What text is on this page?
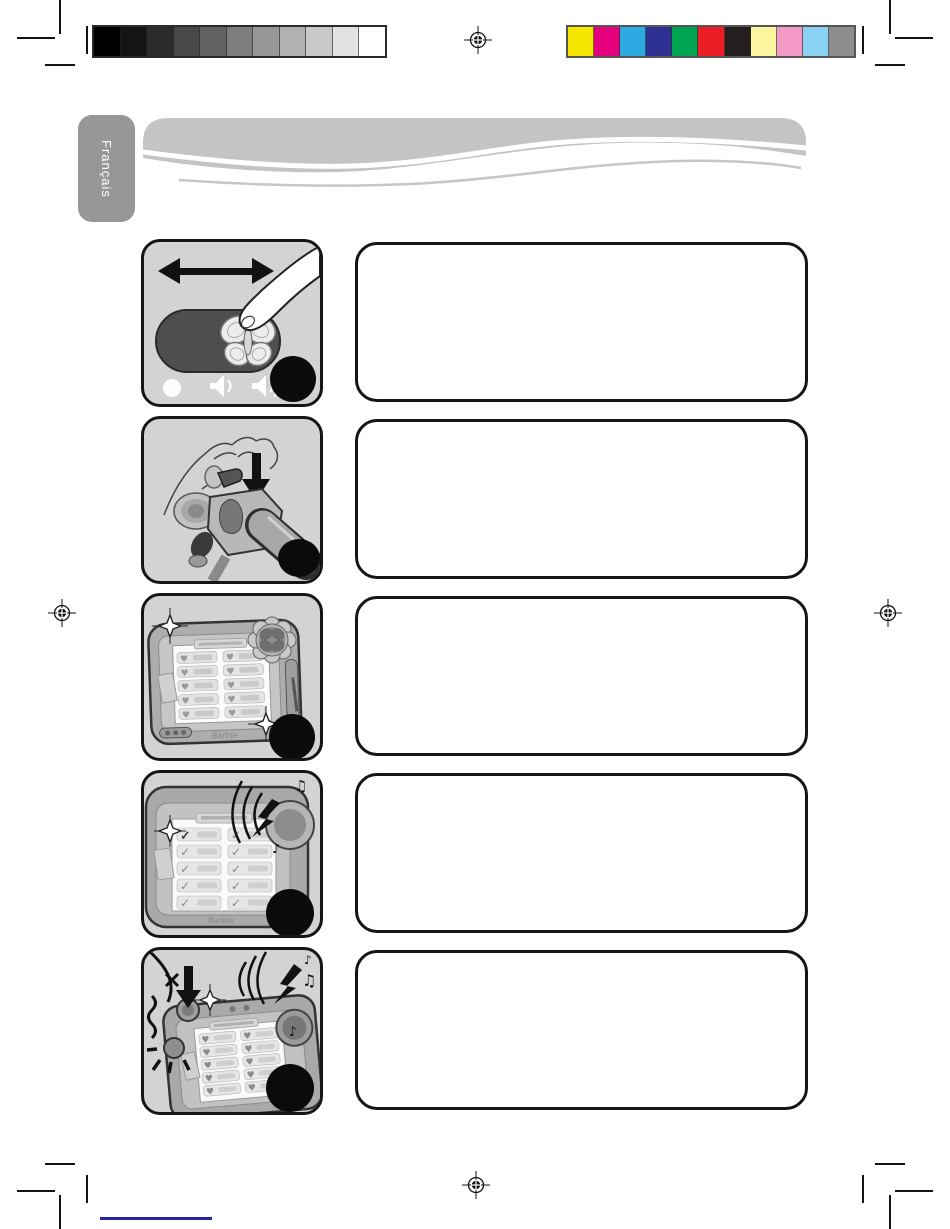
Français
♥
Barbie
✓
✓
Barbie
♫
♪
♥
♪
♪
♫
